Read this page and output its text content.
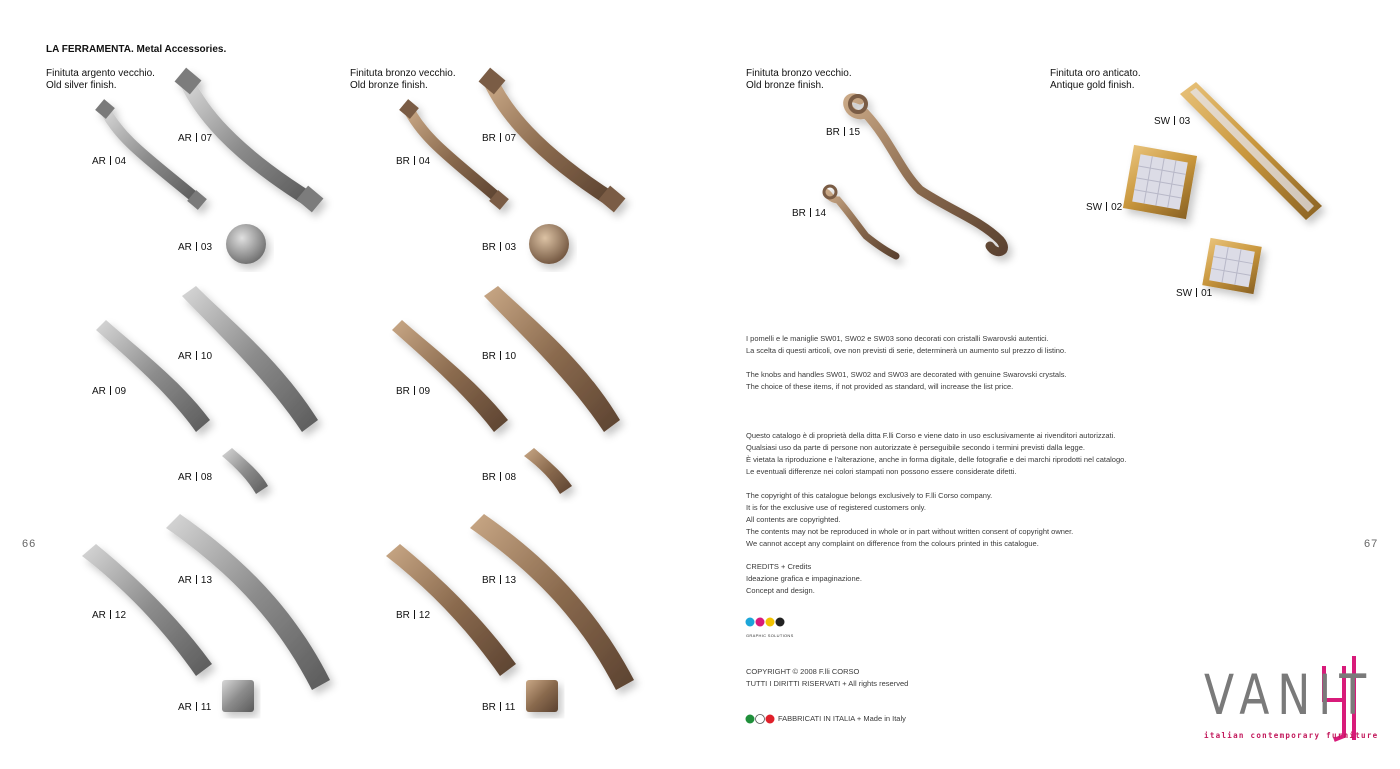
LA FERRAMENTA. Metal Accessories.
Finituta argento vecchio.
Old silver finish.
Finituta bronzo vecchio.
Old bronze finish.
Finituta bronzo vecchio.
Old bronze finish.
Finituta oro anticato.
Antique gold finish.
AR 04
AR 07
AR 03
AR 10
AR 09
AR 08
AR 13
AR 12
AR 11
BR 04
BR 07
BR 03
BR 10
BR 09
BR 08
BR 13
BR 12
BR 11
BR 15
BR 14
SW 03
SW 02
SW 01
66	67
I pomelli e le maniglie SW01, SW02 e SW03 sono decorati con cristalli Swarovski autentici.
La scelta di questi articoli, ove non previsti di serie, determinerà un aumento sul prezzo di listino.
The knobs and handles SW01, SW02 and SW03 are decorated with genuine Swarovski crystals.
The choice of these items, if not provided as standard, will increase the list price.
Questo catalogo è di proprietà della ditta F.lli Corso e viene dato in uso esclusivamente ai rivenditori autorizzati.
Qualsiasi uso da parte di persone non autorizzate è perseguibile secondo i termini previsti dalla legge.
È vietata la riproduzione e l'alterazione, anche in forma digitale, delle fotografie e dei marchi riprodotti nel catalogo.
Le eventuali differenze nei colori stampati non possono essere considerate difetti.
The copyright of this catalogue belongs exclusively to F.lli Corso company.
It is for the exclusive use of registered customers only.
All contents are copyrighted.
The contents may not be reproduced in whole or in part without written consent of copyright owner.
We cannot accept any complaint on difference from the colours printed in this catalogue.
CREDITS + Credits
Ideazione grafica e impaginazione.
Concept and design.
GRAPHIC SOLUTIONS
COPYRIGHT © 2008 F.lli CORSO
TUTTI I DIRITTI RISERVATI + All rights reserved
FABBRICATI IN ITALIA + Made in Italy	VANIT
italian contemporary furniture
